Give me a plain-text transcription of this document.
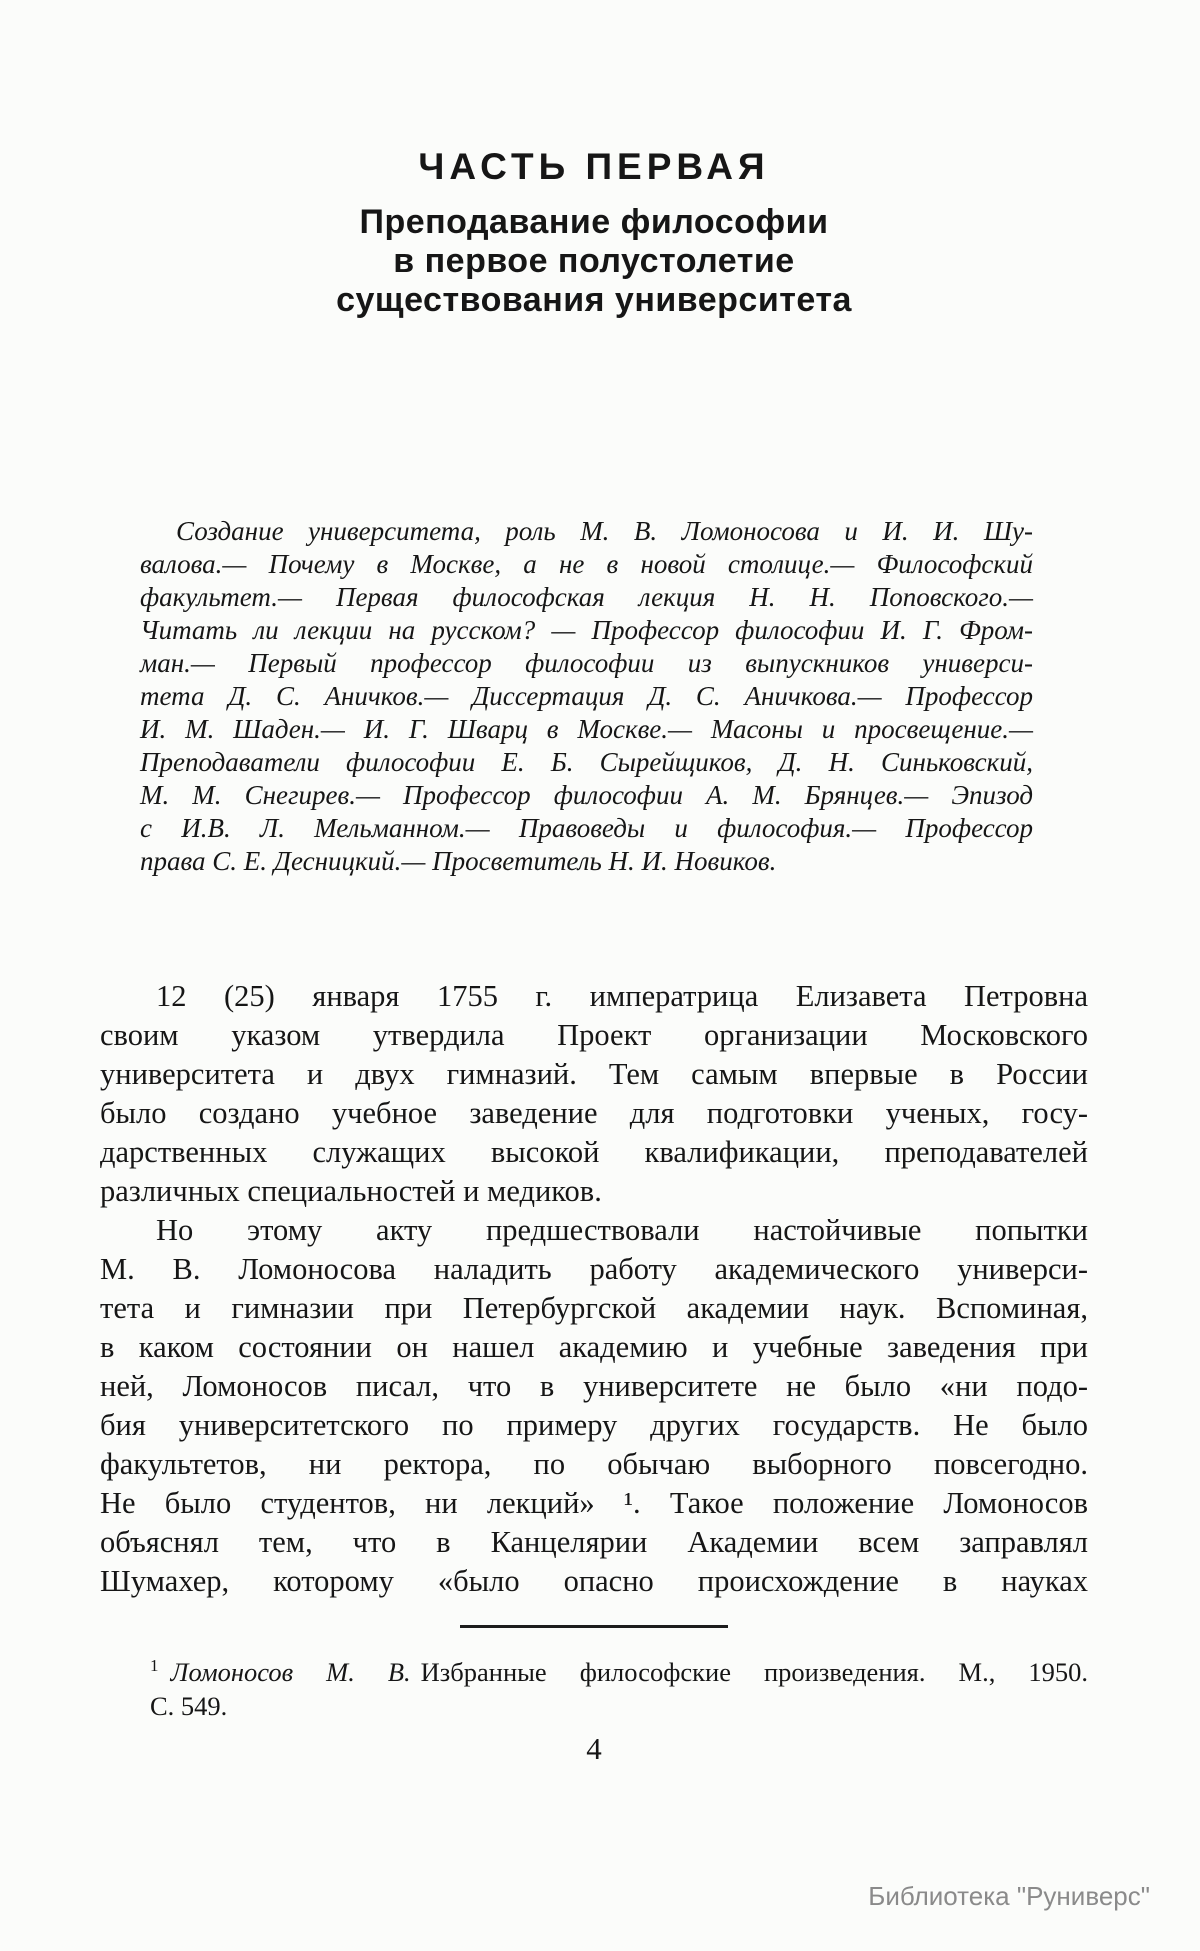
ЧАСТЬ ПЕРВАЯ
Преподавание философии
в первое полустолетие
существования университета
Создание университета, роль М. В. Ломоносова и И. И. Шу-
валова.— Почему в Москве, а не в новой столице.— Философский
факультет.— Первая философская лекция Н. Н. Поповского.—
Читать ли лекции на русском? — Профессор философии И. Г. Фром-
ман.— Первый профессор философии из выпускников универси-
тета Д. С. Аничков.— Диссертация Д. С. Аничкова.— Профессор
И. М. Шаден.— И. Г. Шварц в Москве.— Масоны и просвещение.—
Преподаватели философии Е. Б. Сырейщиков, Д. Н. Синьковский,
М. М. Снегирев.— Профессор философии А. М. Брянцев.— Эпизод
с И.В. Л. Мельманном.— Правоведы и философия.— Профессор
права С. Е. Десницкий.— Просветитель Н. И. Новиков.
12 (25) января 1755 г. императрица Елизавета Петровна
своим указом утвердила Проект организации Московского
университета и двух гимназий. Тем самым впервые в России
было создано учебное заведение для подготовки ученых, госу-
дарственных служащих высокой квалификации, преподавателей
различных специальностей и медиков.
Но этому акту предшествовали настойчивые попытки
М. В. Ломоносова наладить работу академического универси-
тета и гимназии при Петербургской академии наук. Вспоминая,
в каком состоянии он нашел академию и учебные заведения при
ней, Ломоносов писал, что в университете не было «ни подо-
бия университетского по примеру других государств. Не было
факультетов, ни ректора, по обычаю выборного повсегодно.
Не было студентов, ни лекций» ¹. Такое положение Ломоносов
объяснял тем, что в Канцелярии Академии всем заправлял
Шумахер, которому «было опасно происхождение в науках
$^1$ Ломоносов М. В. Избранные философские произведения. М., 1950.
С. 549.
4
Библиотека "Руниверс"
